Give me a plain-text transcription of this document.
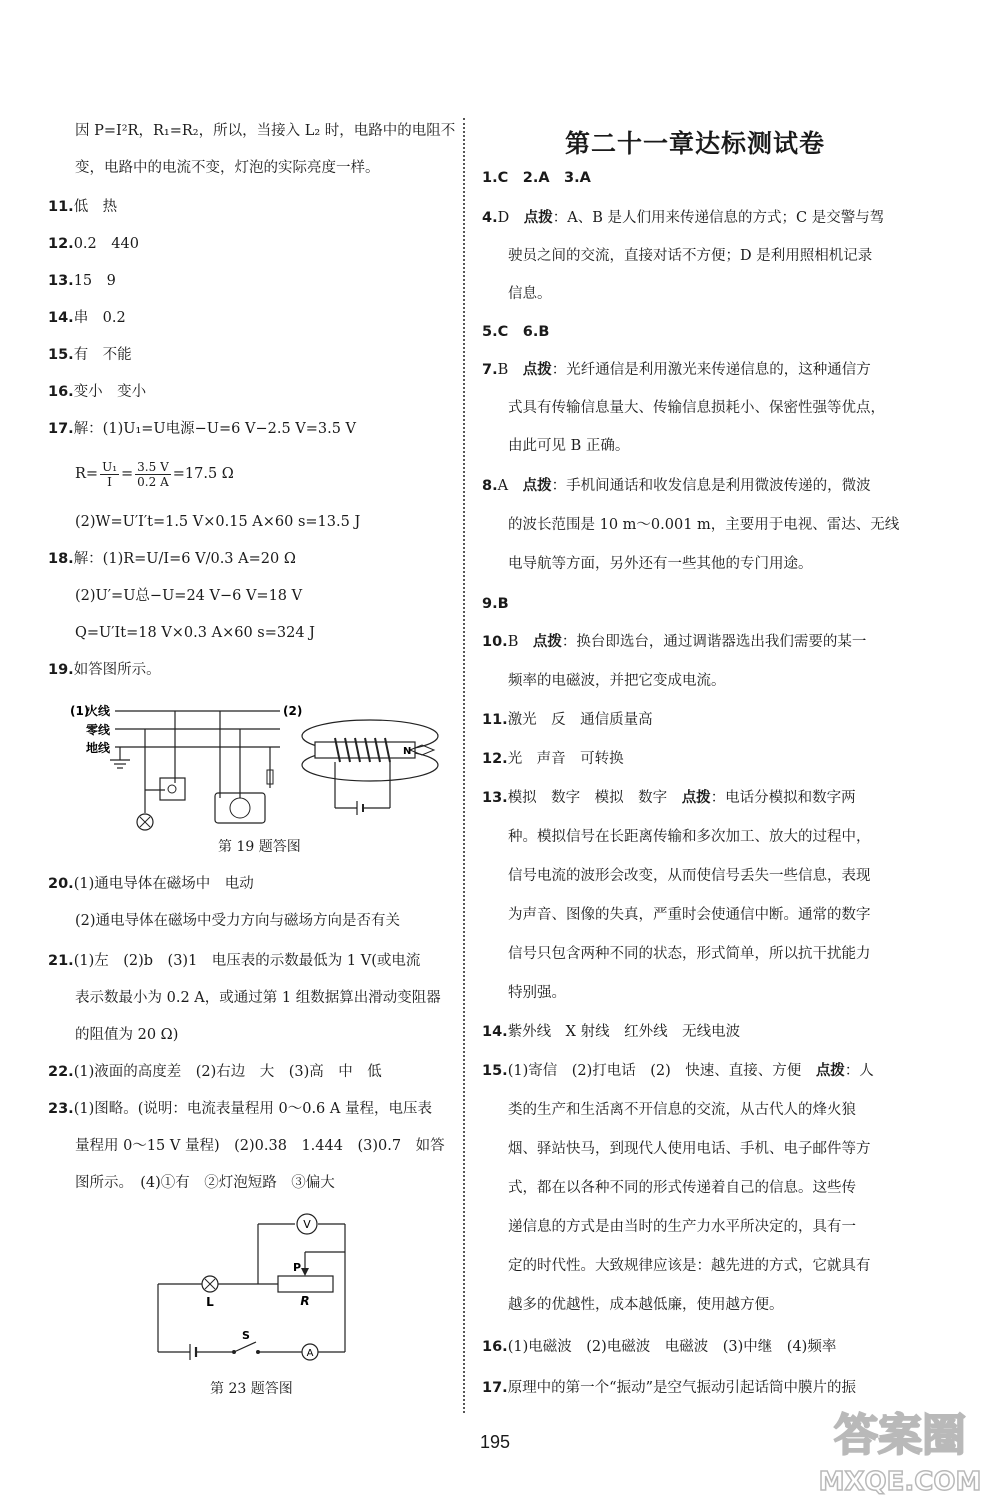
因 P=I²R，R₁=R₂，所以，当接入 L₂ 时，电路中的电阻不
变，电路中的电流不变，灯泡的实际亮度一样。
11.低　热
12.0.2　440
13.15　9
14.串　0.2
15.有　不能
16.变小　变小
17.解：(1)U₁=U电源−U=6 V−2.5 V=3.5 V
$R= \frac{\text{U₁}}{I} = \frac{3.5 V}{0.2 A} =17.5$ Ω
(2)W=U′I′t=1.5 V×0.15 A×60 s=13.5 J
18.解：(1)R=U/I=6 V/0.3 A=20 Ω
(2)U′=U总−U=24 V−6 V=18 V
Q=U′It=18 V×0.3 A×60 s=324 J
19.如答图所示。
(1)
火线
零线
地线
(2)
N
第 19 题答图
20.(1)通电导体在磁场中　电动
(2)通电导体在磁场中受力方向与磁场方向是否有关
21.(1)左　(2)b　(3)1　电压表的示数最低为 1 V(或电流
表示数最小为 0.2 A，或通过第 1 组数据算出滑动变阻器
的阻值为 20 Ω)
22.(1)液面的高度差　(2)右边　大　(3)高　中　低
23.(1)图略。(说明：电流表量程用 0～0.6 A 量程，电压表
量程用 0～15 V 量程)　(2)0.38　1.444　(3)0.7　如答
图所示。　(4)①有　②灯泡短路　③偏大
V
L	R
P
S
A
第 23 题答图
第二十一章达标测试卷
1.C　2.A　3.A
4.D　点拨：A、B 是人们用来传递信息的方式；C 是交警与驾
驶员之间的交流，直接对话不方便；D 是利用照相机记录
信息。
5.C　6.B
7.B　点拨：光纤通信是利用激光来传递信息的，这种通信方
式具有传输信息量大、传输信息损耗小、保密性强等优点，
由此可见 B 正确。
8.A　点拨：手机间通话和收发信息是利用微波传递的，微波
的波长范围是 10 m～0.001 m，主要用于电视、雷达、无线
电导航等方面，另外还有一些其他的专门用途。
9.B
10.B　点拨：换台即选台，通过调谐器选出我们需要的某一
频率的电磁波，并把它变成电流。
11.激光　反　通信质量高
12.光　声音　可转换
13.模拟　数字　模拟　数字　点拨：电话分模拟和数字两
种。模拟信号在长距离传输和多次加工、放大的过程中，
信号电流的波形会改变，从而使信号丢失一些信息，表现
为声音、图像的失真，严重时会使通信中断。通常的数字
信号只包含两种不同的状态，形式简单，所以抗干扰能力
特别强。
14.紫外线　X 射线　红外线　无线电波
15.(1)寄信　(2)打电话　(2)　快速、直接、方便　点拨：人
类的生产和生活离不开信息的交流，从古代人的烽火狼
烟、驿站快马，到现代人使用电话、手机、电子邮件等方
式，都在以各种不同的形式传递着自己的信息。这些传
递信息的方式是由当时的生产力水平所决定的，具有一
定的时代性。大致规律应该是：越先进的方式，它就具有
越多的优越性，成本越低廉，使用越方便。
16.(1)电磁波　(2)电磁波　电磁波　(3)中继　(4)频率
17.原理中的第一个“振动”是空气振动引起话筒中膜片的振
195	答案圈
MXQE.COM
